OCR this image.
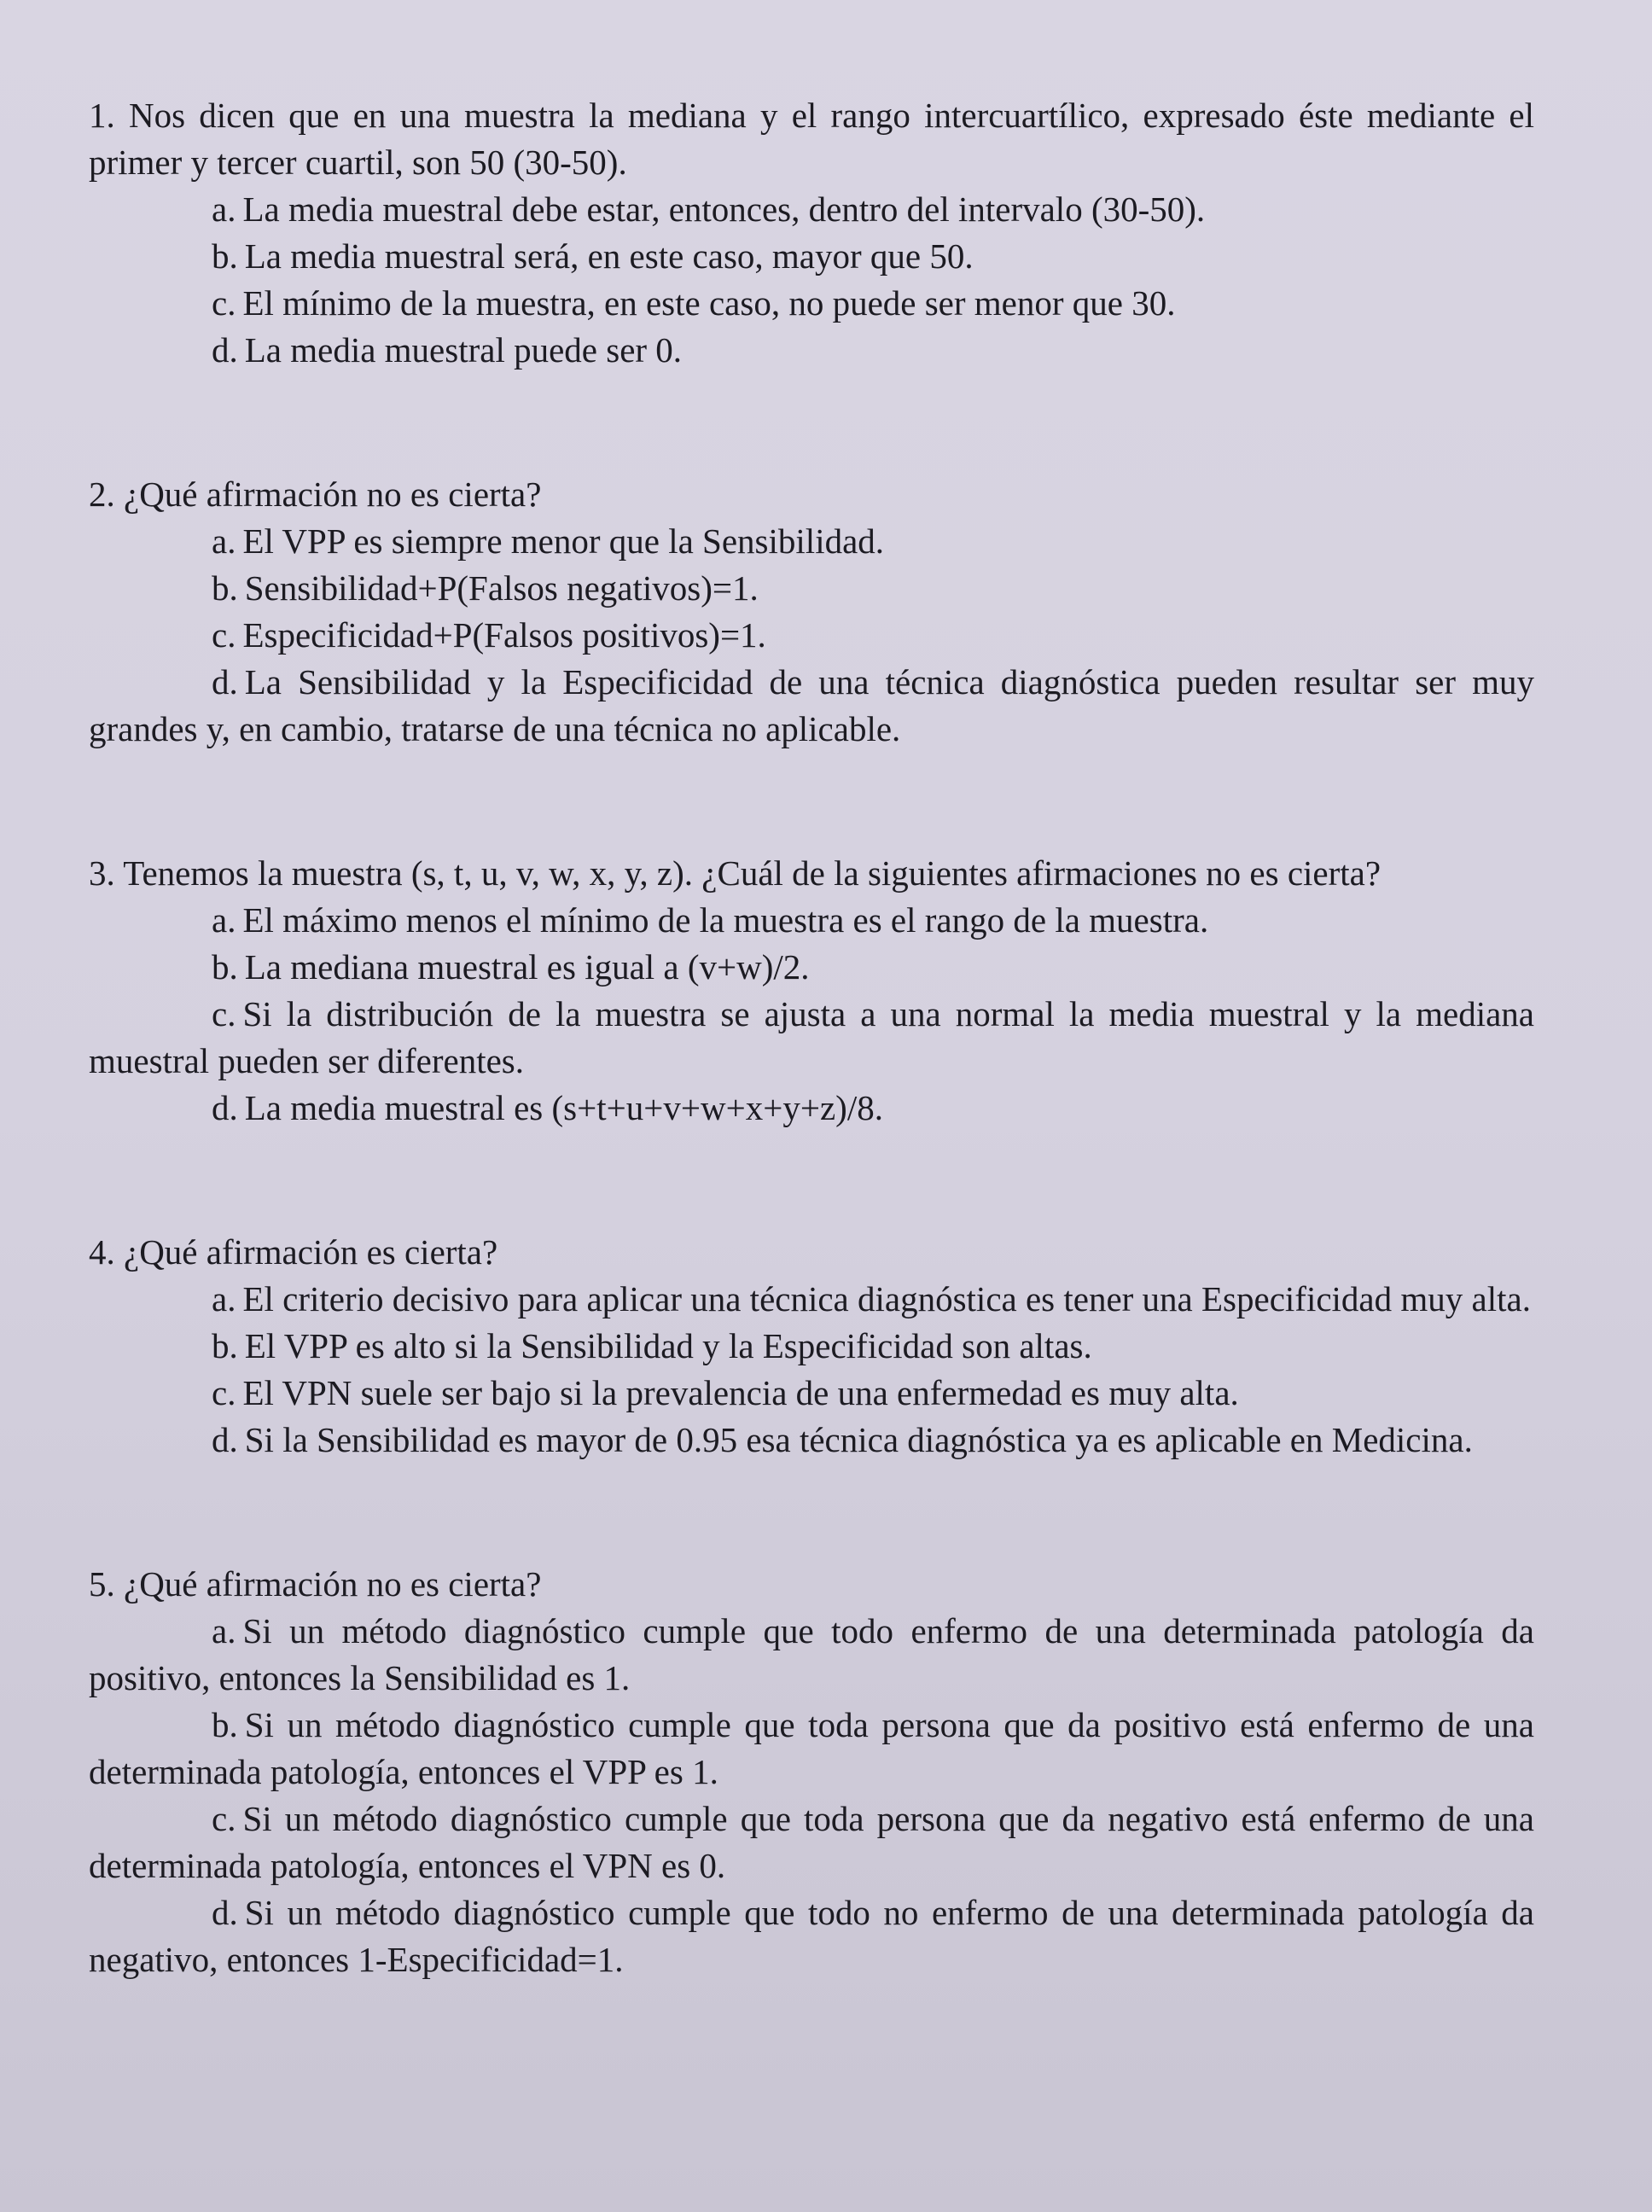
1. Nos dicen que en una muestra la mediana y el rango intercuartílico, expresado éste mediante el primer y tercer cuartil, son 50 (30-50).
a. La media muestral debe estar, entonces, dentro del intervalo (30-50).
b. La media muestral será, en este caso, mayor que 50.
c. El mínimo de la muestra, en este caso, no puede ser menor que 30.
d. La media muestral puede ser 0.
2. ¿Qué afirmación no es cierta?
a. El VPP es siempre menor que la Sensibilidad.
b. Sensibilidad+P(Falsos negativos)=1.
c. Especificidad+P(Falsos positivos)=1.
d. La Sensibilidad y la Especificidad de una técnica diagnóstica pueden resultar ser muy grandes y, en cambio, tratarse de una técnica no aplicable.
3. Tenemos la muestra (s, t, u, v, w, x, y, z). ¿Cuál de la siguientes afirmaciones no es cierta?
a. El máximo menos el mínimo de la muestra es el rango de la muestra.
b. La mediana muestral es igual a (v+w)/2.
c. Si la distribución de la muestra se ajusta a una normal la media muestral y la mediana muestral pueden ser diferentes.
d. La media muestral es (s+t+u+v+w+x+y+z)/8.
4. ¿Qué afirmación es cierta?
a. El criterio decisivo para aplicar una técnica diagnóstica es tener una Especificidad muy alta.
b. El VPP es alto si la Sensibilidad y la Especificidad son altas.
c. El VPN suele ser bajo si la prevalencia de una enfermedad es muy alta.
d. Si la Sensibilidad es mayor de 0.95 esa técnica diagnóstica ya es aplicable en Medicina.
5. ¿Qué afirmación no es cierta?
a. Si un método diagnóstico cumple que todo enfermo de una determinada patología da positivo, entonces la Sensibilidad es 1.
b. Si un método diagnóstico cumple que toda persona que da positivo está enfermo de una determinada patología, entonces el VPP es 1.
c. Si un método diagnóstico cumple que toda persona que da negativo está enfermo de una determinada patología, entonces el VPN es 0.
d. Si un método diagnóstico cumple que todo no enfermo de una determinada patología da negativo, entonces 1-Especificidad=1.
